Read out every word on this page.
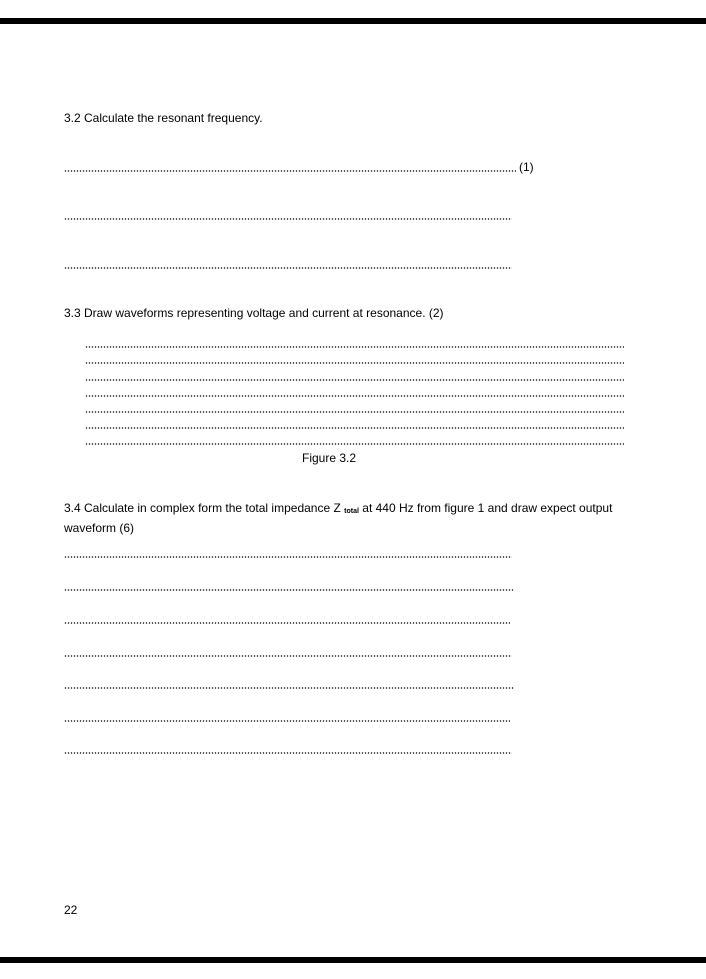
3.2 Calculate the resonant frequency.
(1)
3.3 Draw waveforms representing voltage and current at resonance. (2)
Figure 3.2
3.4 Calculate in complex form the total impedance Z $_{total}$ at 440 Hz from figure 1 and draw expect output waveform (6)
22
